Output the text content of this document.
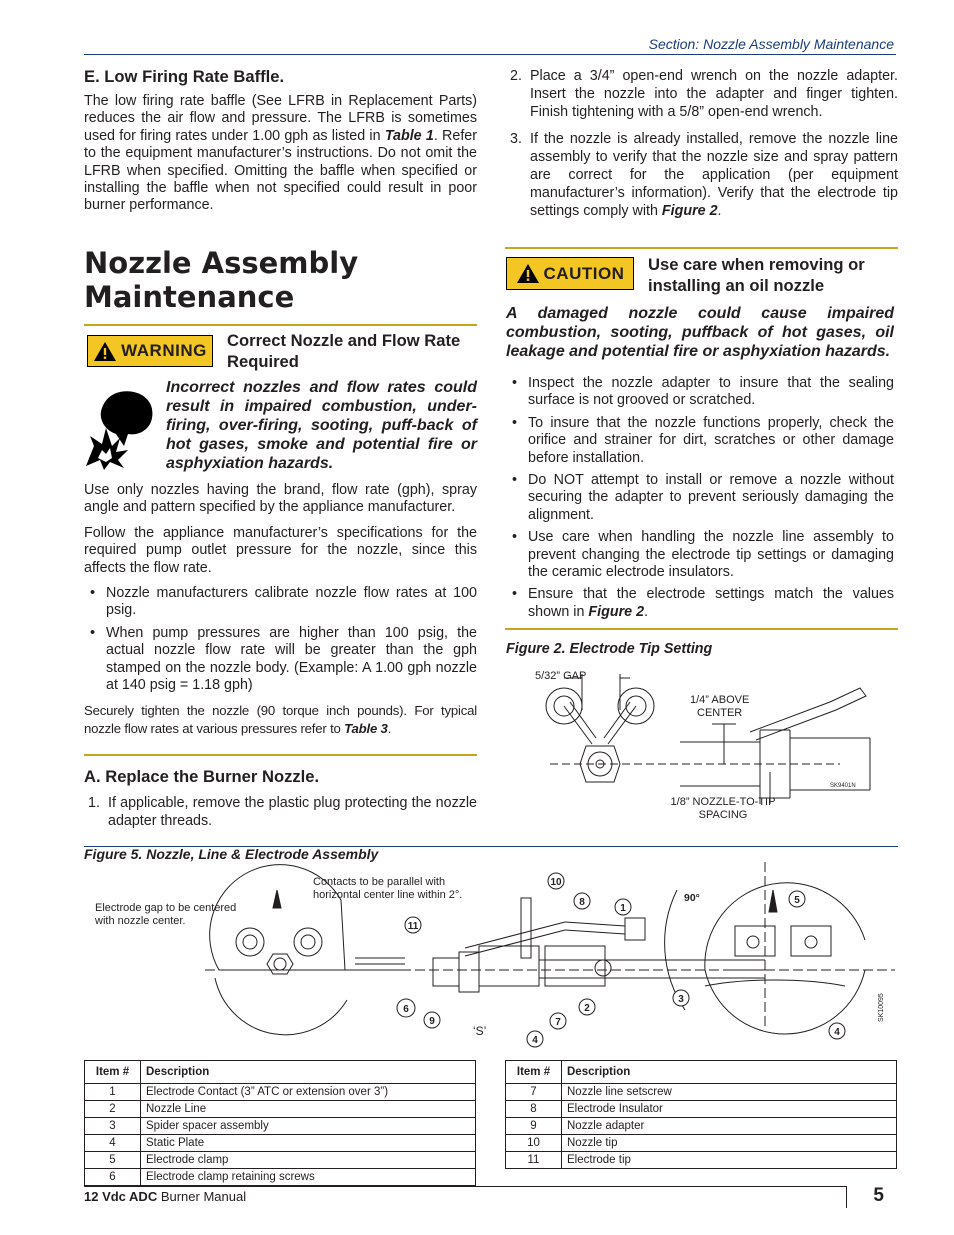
Section: Nozzle Assembly Maintenance
E. Low Firing Rate Baffle.

The low firing rate baffle (See LFRB in Replacement Parts) reduces the air flow and pressure. The LFRB is sometimes used for firing rates under 1.00 gph as listed in Table 1. Refer to the equipment manufacturer’s instructions. Do not omit the LFRB when specified. Omitting the baffle when specified or installing the baffle when not specified could result in poor burner performance.

Nozzle Assembly
Maintenance
WARNING
Correct Nozzle and Flow Rate Required

Incorrect nozzles and flow rates could result in impaired combustion, under-firing, over-firing, sooting, puff-back of hot gases, smoke and potential fire or asphyxiation hazards.

Use only nozzles having the brand, flow rate (gph), spray angle and pattern specified by the appliance manufacturer.

Follow the appliance manufacturer’s specifications for the required pump outlet pressure for the nozzle, since this affects the flow rate.

• Nozzle manufacturers calibrate nozzle flow rates at 100 psig.
• When pump pressures are higher than 100 psig, the actual nozzle flow rate will be greater than the gph stamped on the nozzle body. (Example: A 1.00 gph nozzle at 140 psig = 1.18 gph)

Securely tighten the nozzle (90 torque inch pounds). For typical nozzle flow rates at various pressures refer to Table 3.

A. Replace the Burner Nozzle.
1. If applicable, remove the plastic plug protecting the nozzle adapter threads.
2. Place a 3/4” open-end wrench on the nozzle adapter. Insert the nozzle into the adapter and finger tighten. Finish tightening with a 5/8” open-end wrench.
3. If the nozzle is already installed, remove the nozzle line assembly to verify that the nozzle size and spray pattern are correct for the application (per equipment manufacturer’s information). Verify that the electrode tip settings comply with Figure 2.
CAUTION Use care when removing or installing an oil nozzle

A damaged nozzle could cause impaired combustion, sooting, puffback of hot gases, oil leakage and potential fire or asphyxiation hazards.

• Inspect the nozzle adapter to insure that the sealing surface is not grooved or scratched.
• To insure that the nozzle functions properly, check the orifice and strainer for dirt, scratches or other damage before installation.
• Do NOT attempt to install or remove a nozzle without securing the adapter to prevent seriously damaging the alignment.
• Use care when handling the nozzle line assembly to prevent changing the electrode tip settings or damaging the ceramic electrode insulators.
• Ensure that the electrode settings match the values shown in Figure 2.
Figure 2. Electrode Tip Setting
5/32” GAP
1/4” ABOVE
CENTER
1/8” NOZZLE-TO-TIP
SPACING
SK9401N
Figure 5. Nozzle, Line & Electrode Assembly
Electrode gap to be centered
with nozzle center.
Contacts to be parallel with
horizontal center line within 2°.	90°
‘S’
SK10095
10
8
1
11
5
3
6
9	7
2
4
4
Item #	Description
1	Electrode Contact (3” ATC or extension over 3”)
2	Nozzle Line
3	Spider spacer assembly
4	Static Plate
5	Electrode clamp
6	Electrode clamp retaining screws
Item #	Description
7	Nozzle line setscrew
8	Electrode Insulator
9	Nozzle adapter
10	Nozzle tip
11	Electrode tip
12 Vdc ADC Burner Manual	5
